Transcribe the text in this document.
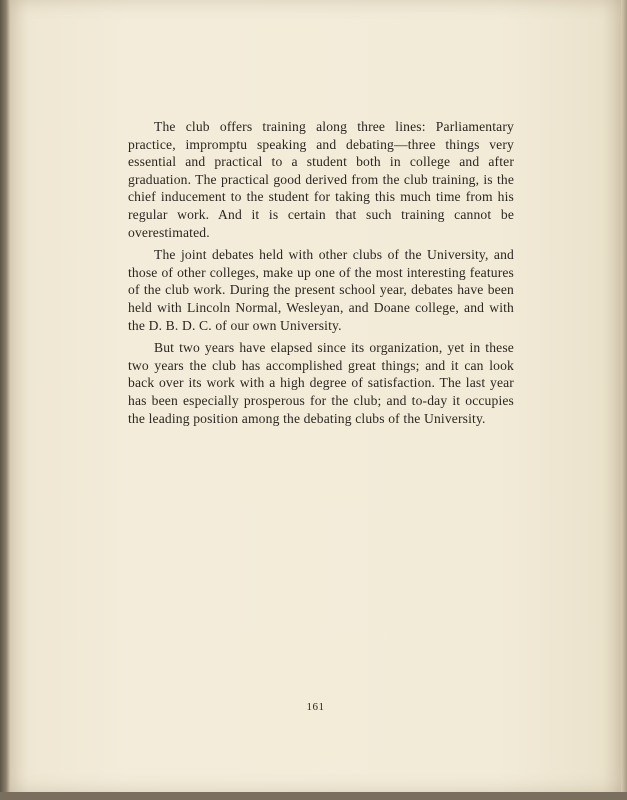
The club offers training along three lines: Parliamentary practice, impromptu speaking and debating—three things very essential and practical to a student both in college and after graduation. The practical good derived from the club training, is the chief inducement to the student for taking this much time from his regular work. And it is certain that such training cannot be overestimated.

The joint debates held with other clubs of the University, and those of other colleges, make up one of the most interesting features of the club work. During the present school year, debates have been held with Lincoln Normal, Wesleyan, and Doane college, and with the D. B. D. C. of our own University.

But two years have elapsed since its organization, yet in these two years the club has accomplished great things; and it can look back over its work with a high degree of satisfaction. The last year has been especially prosperous for the club; and to-day it occupies the leading position among the debating clubs of the University.

161
